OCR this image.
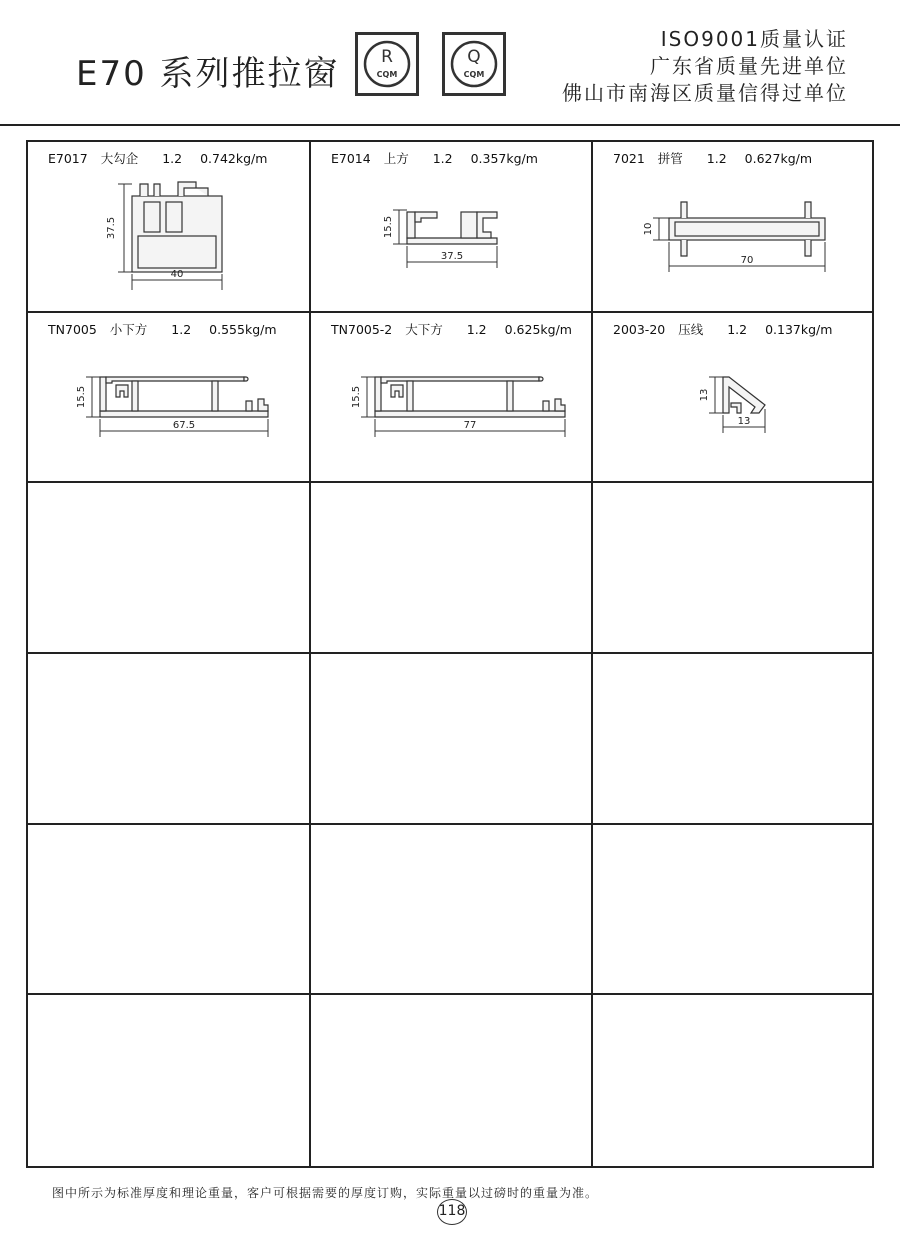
E70 系列推拉窗 R
CQM
Q
CQM
ISO9001质量认证
广东省质量先进单位
佛山市南海区质量信得过单位
E7017 大勾企 1.2 0.742kg/m
37.5
40
E7014 上方 1.2 0.357kg/m
15.5
37.5
7021 拼管 1.2 0.627kg/m
10
70
TN7005 小下方 1.2 0.555kg/m
15.5
67.5
TN7005-2 大下方 1.2 0.625kg/m
15.5
77
2003-20 压线 1.2 0.137kg/m
13
13
图中所示为标准厚度和理论重量，客户可根据需要的厚度订购，实际重量以过磅时的重量为准。
118
